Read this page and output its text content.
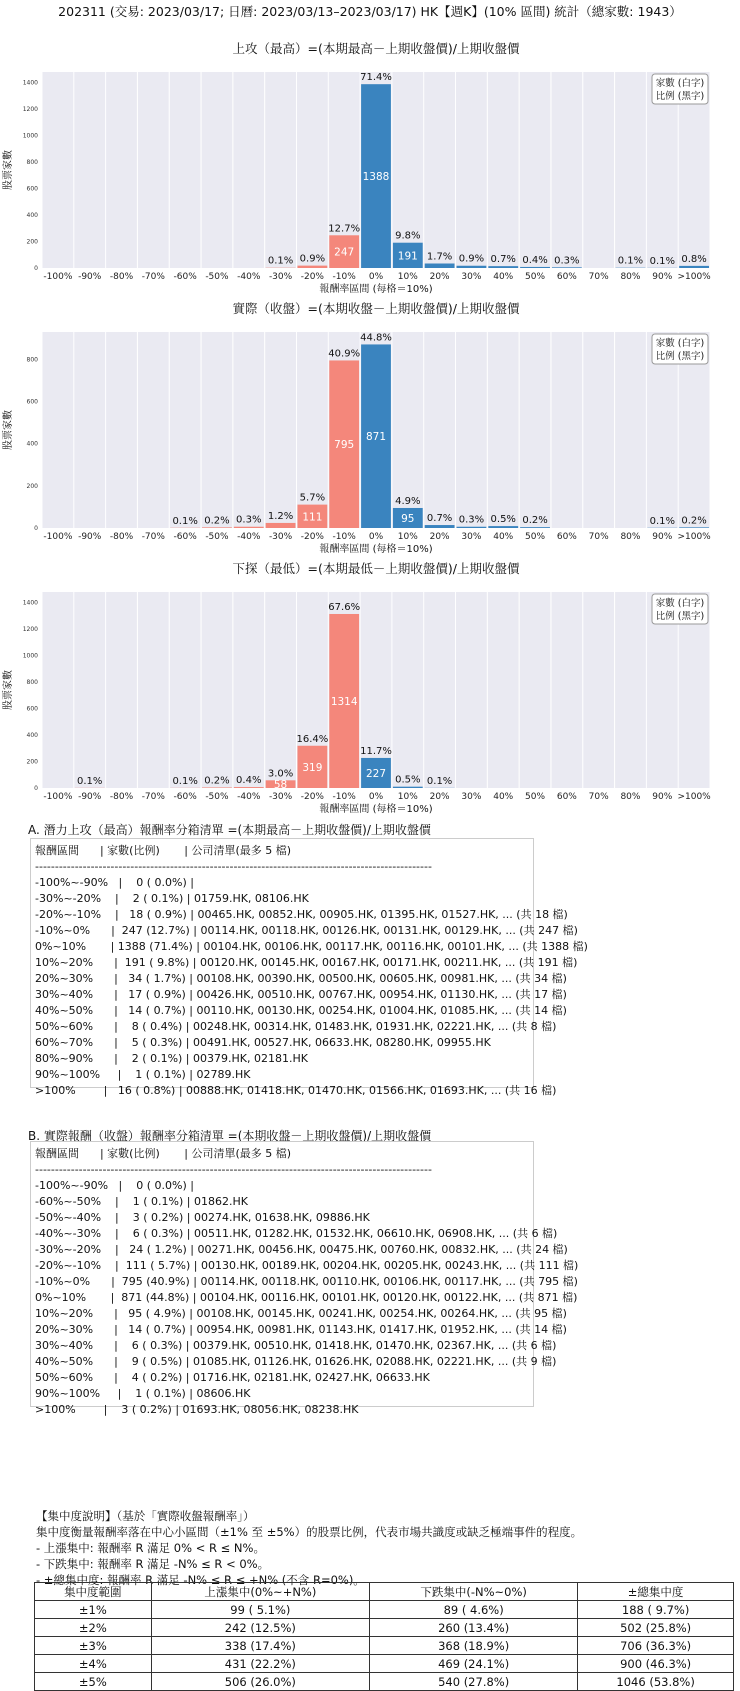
202311 (交易: 2023/03/17; 日曆: 2023/03/13–2023/03/17) HK【週K】(10% 區間) 統計（總家數: 1943）
上攻（最高）=(本期最高－上期收盤價)/上期收盤價
0
200
400
600
800
1000
1200
1400
股票家數
-100% -90% -80% -70% -60% -50% -40% -30% -20% -10% 0% 10% 20% 30% 40% 50% 60% 70% 80% 90% >100%
報酬率區間 (每格＝10%)
0.1% 0.9%
247
12.7%
1388
71.4%
191
9.8%
1.7% 0.9% 0.7% 0.4% 0.3%	0.1% 0.1% 0.8%
家數 (白字)
比例 (黑字)
實際（收盤）=(本期收盤－上期收盤價)/上期收盤價
0
200
400
600
800
股票家數
-100% -90% -80% -70% -60% -50% -40% -30% -20% -10% 0% 10% 20% 30% 40% 50% 60% 70% 80% 90% >100%
報酬率區間 (每格＝10%)
0.1% 0.2% 0.3% 1.2% 111
5.7%
795
40.9%
871
44.8%
95
4.9%
0.7% 0.3% 0.5% 0.2%	0.1% 0.2%
家數 (白字)
比例 (黑字)
下探（最低）=(本期最低－上期收盤價)/上期收盤價
0
200
400
600
800
1000
1200
1400
股票家數
-100% -90% -80% -70% -60% -50% -40% -30% -20% -10% 0% 10% 20% 30% 40% 50% 60% 70% 80% 90% >100%
報酬率區間 (每格＝10%)
0.1%	0.1% 0.2% 0.4% 58
3.0% 319
16.4%
1314
67.6%
227
11.7%
0.5% 0.1%
家數 (白字)
比例 (黑字)
A. 潛力上攻（最高）報酬率分箱清單 =(本期最高－上期收盤價)/上期收盤價
報酬區間      | 家數(比例)       | 公司清單(最多 5 檔)
----------------------------------------------------------------------------------------------------
-100%~-90%   |    0 ( 0.0%) |
-30%~-20%    |    2 ( 0.1%) | 01759.HK, 08106.HK
-20%~-10%    |   18 ( 0.9%) | 00465.HK, 00852.HK, 00905.HK, 01395.HK, 01527.HK, ... (共 18 檔)
-10%~0%      |  247 (12.7%) | 00114.HK, 00118.HK, 00126.HK, 00131.HK, 00129.HK, ... (共 247 檔)
0%~10%       | 1388 (71.4%) | 00104.HK, 00106.HK, 00117.HK, 00116.HK, 00101.HK, ... (共 1388 檔)
10%~20%      |  191 ( 9.8%) | 00120.HK, 00145.HK, 00167.HK, 00171.HK, 00211.HK, ... (共 191 檔)
20%~30%      |   34 ( 1.7%) | 00108.HK, 00390.HK, 00500.HK, 00605.HK, 00981.HK, ... (共 34 檔)
30%~40%      |   17 ( 0.9%) | 00426.HK, 00510.HK, 00767.HK, 00954.HK, 01130.HK, ... (共 17 檔)
40%~50%      |   14 ( 0.7%) | 00110.HK, 00130.HK, 00254.HK, 01004.HK, 01085.HK, ... (共 14 檔)
50%~60%      |    8 ( 0.4%) | 00248.HK, 00314.HK, 01483.HK, 01931.HK, 02221.HK, ... (共 8 檔)
60%~70%      |    5 ( 0.3%) | 00491.HK, 00527.HK, 06633.HK, 08280.HK, 09955.HK
80%~90%      |    2 ( 0.1%) | 00379.HK, 02181.HK
90%~100%     |    1 ( 0.1%) | 02789.HK
>100%        |   16 ( 0.8%) | 00888.HK, 01418.HK, 01470.HK, 01566.HK, 01693.HK, ... (共 16 檔)
B. 實際報酬（收盤）報酬率分箱清單 =(本期收盤－上期收盤價)/上期收盤價
報酬區間      | 家數(比例)       | 公司清單(最多 5 檔)
----------------------------------------------------------------------------------------------------
-100%~-90%   |    0 ( 0.0%) |
-60%~-50%    |    1 ( 0.1%) | 01862.HK
-50%~-40%    |    3 ( 0.2%) | 00274.HK, 01638.HK, 09886.HK
-40%~-30%    |    6 ( 0.3%) | 00511.HK, 01282.HK, 01532.HK, 06610.HK, 06908.HK, ... (共 6 檔)
-30%~-20%    |   24 ( 1.2%) | 00271.HK, 00456.HK, 00475.HK, 00760.HK, 00832.HK, ... (共 24 檔)
-20%~-10%    |  111 ( 5.7%) | 00130.HK, 00189.HK, 00204.HK, 00205.HK, 00243.HK, ... (共 111 檔)
-10%~0%      |  795 (40.9%) | 00114.HK, 00118.HK, 00110.HK, 00106.HK, 00117.HK, ... (共 795 檔)
0%~10%       |  871 (44.8%) | 00104.HK, 00116.HK, 00101.HK, 00120.HK, 00122.HK, ... (共 871 檔)
10%~20%      |   95 ( 4.9%) | 00108.HK, 00145.HK, 00241.HK, 00254.HK, 00264.HK, ... (共 95 檔)
20%~30%      |   14 ( 0.7%) | 00954.HK, 00981.HK, 01143.HK, 01417.HK, 01952.HK, ... (共 14 檔)
30%~40%      |    6 ( 0.3%) | 00379.HK, 00510.HK, 01418.HK, 01470.HK, 02367.HK, ... (共 6 檔)
40%~50%      |    9 ( 0.5%) | 01085.HK, 01126.HK, 01626.HK, 02088.HK, 02221.HK, ... (共 9 檔)
50%~60%      |    4 ( 0.2%) | 01716.HK, 02181.HK, 02427.HK, 06633.HK
90%~100%     |    1 ( 0.1%) | 08606.HK
>100%        |    3 ( 0.2%) | 01693.HK, 08056.HK, 08238.HK
【集中度說明】（基於「實際收盤報酬率」）
集中度衡量報酬率落在中心小區間（±1% 至 ±5%）的股票比例，代表市場共識度或缺乏極端事件的程度。
- 上漲集中: 報酬率 R 滿足 0% < R ≤ N%。
- 下跌集中: 報酬率 R 滿足 -N% ≤ R < 0%。
- ±總集中度: 報酬率 R 滿足 -N% ≤ R ≤ +N% (不含 R=0%)。
集中度範圍	上漲集中(0%~+N%)	下跌集中(-N%~0%)	±總集中度
±1%	99 ( 5.1%)	89 ( 4.6%)	188 ( 9.7%)
±2%	242 (12.5%)	260 (13.4%)	502 (25.8%)
±3%	338 (17.4%)	368 (18.9%)	706 (36.3%)
±4%	431 (22.2%)	469 (24.1%)	900 (46.3%)
±5%	506 (26.0%)	540 (27.8%)	1046 (53.8%)
